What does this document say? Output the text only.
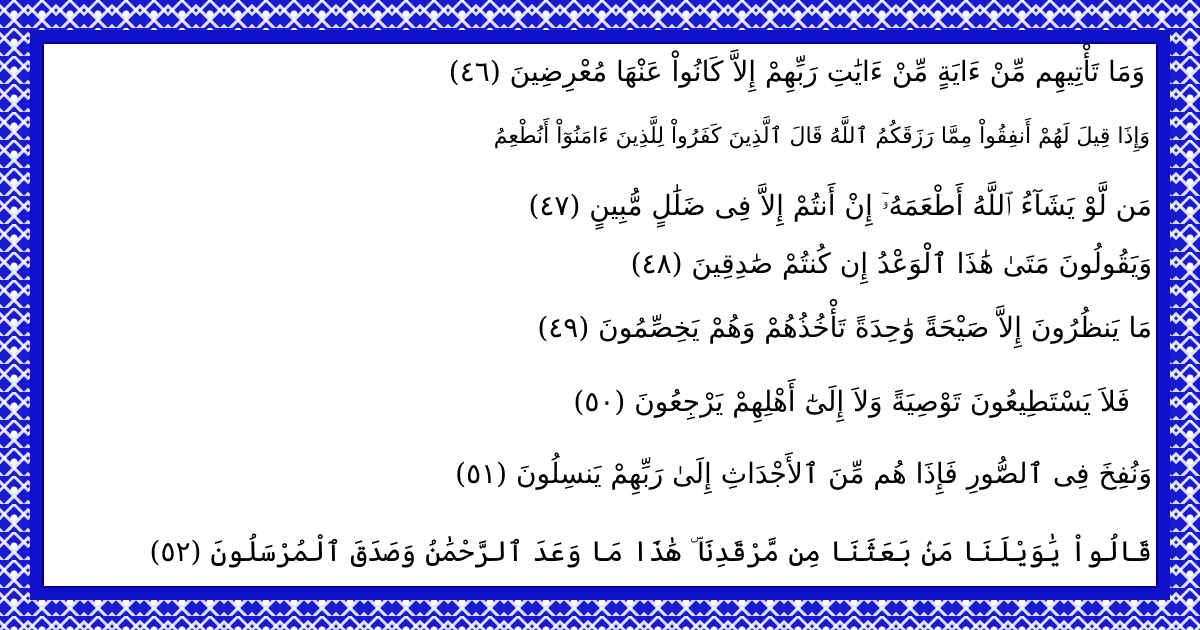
وَمَا تَأْتِيهِم مِّنْ ءَايَةٍ مِّنْ ءَايَٰتِ رَبِّهِمْ إِلاَّ كَانُواْ عَنْهَا مُعْرِضِينَ (٤٦)
وَإِذَا قِيلَ لَهُمْ أَنفِقُواْ مِمَّا رَزَقَكُمُ ٱللَّهُ قَالَ ٱلَّذِينَ كَفَرُواْ لِلَّذِينَ ءَامَنُوٓاْ أَنُطْعِمُ
مَن لَّوْ يَشَآءُ ٱللَّهُ أَطْعَمَهُۥٓ إِنْ أَنتُمْ إِلاَّ فِى ضَلَٰلٍ مُّبِينٍ (٤٧)
وَيَقُولُونَ مَتَىٰ هَٰذَا ٱلْوَعْدُ إِن كُنتُمْ صَٰدِقِينَ (٤٨)
مَا يَنظُرُونَ إِلاَّ صَيْحَةً وَٰحِدَةً تَأْخُذُهُمْ وَهُمْ يَخِصِّمُونَ (٤٩)
فَلاَ يَسْتَطِيعُونَ تَوْصِيَةً وَلاَ إِلَىٰٓ أَهْلِهِمْ يَرْجِعُونَ (٥٠)
وَنُفِخَ فِى ٱلصُّورِ فَإِذَا هُم مِّنَ ٱلأَجْدَاثِ إِلَىٰ رَبِّهِمْ يَنسِلُونَ (٥١)
قَالُواْ يَٰوَيْلَنَا مَنۢ بَعَثَنَا مِن مَّرْقَدِنَا ۜ هَٰذَا مَا وَعَدَ ٱلرَّحْمَٰنُ وَصَدَقَ ٱلْمُرْسَلُونَ (٥٢)
